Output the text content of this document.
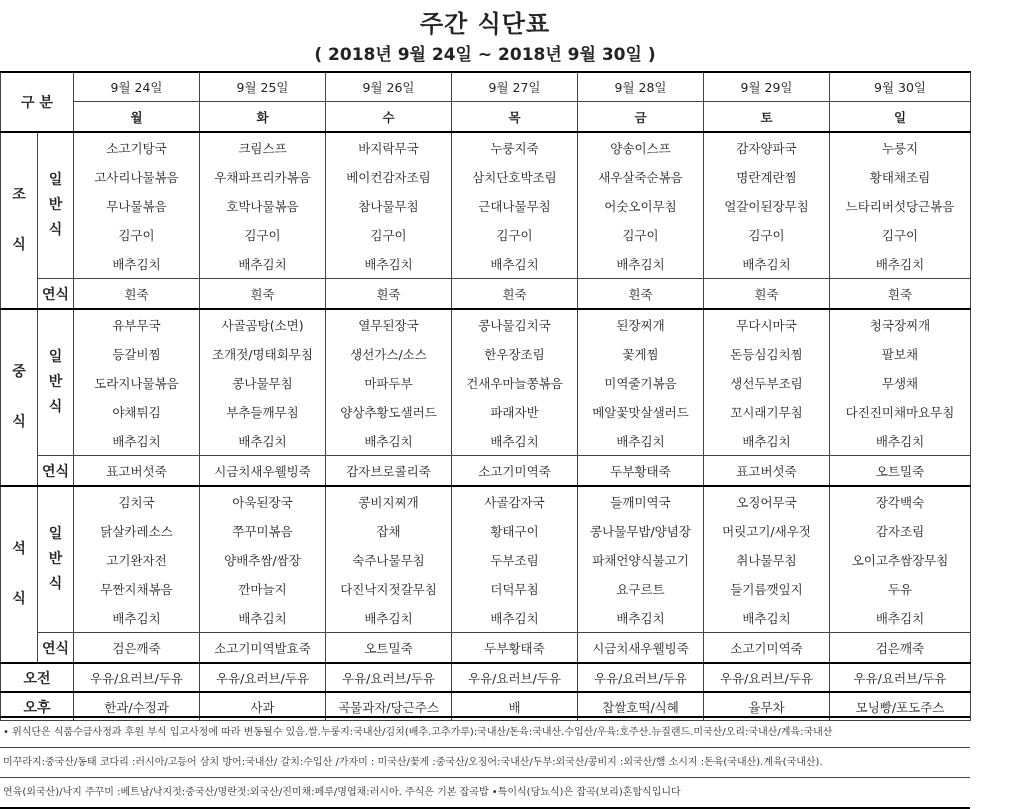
주간 식단표
( 2018년 9월 24일 ~ 2018년 9월 30일 )
구 분		9월 24일	9월 25일	9월 26일	9월 27일	9월 28일	9월 29일	9월 30일
		월	화	수	목	금	토	일
조

식	일
반
식	소고기탕국	크림스프	바지락무국	누룽지죽	양송이스프	감자양파국	누룽지
		고사리나물볶음	우채파프리카볶음	베이컨감자조림	삼치단호박조림	새우살죽순볶음	명란계란찜	황태채조림
		무나물볶음	호박나물볶음	참나물무침	근대나물무침	어숫오이무침	얼갈이된장무침	느타리버섯당근볶음
		김구이	김구이	김구이	김구이	김구이	김구이	김구이
		배추김치	배추김치	배추김치	배추김치	배추김치	배추김치	배추김치
	연식	흰죽	흰죽	흰죽	흰죽	흰죽	흰죽	흰죽
중

식	일
반
식	유부무국	사골곰탕(소면)	열무된장국	콩나물김치국	된장찌개	무다시마국	청국장찌개
		등갈비찜	조개젓/명태회무침	생선가스/소스	한우장조림	꽃게찜	돈등심김치찜	팔보채
		도라지나물볶음	콩나물무침	마파두부	건새우마늘쫑볶음	미역줄기볶음	생선두부조림	무생채
		야채튀김	부추들깨무침	양상추황도샐러드	파래자반	메알꽃맛살샐러드	꼬시래기무침	다진진미채마요무침
		배추김치	배추김치	배추김치	배추김치	배추김치	배추김치	배추김치
	연식	표고버섯죽	시금치새우웰빙죽	감자브로콜리죽	소고기미역죽	두부황태죽	표고버섯죽	오트밀죽
석

식	일
반
식	김치국	아욱된장국	콩비지찌개	사골감자국	들깨미역국	오징어무국	장각백숙
		닭살카레소스	쭈꾸미볶음	잡채	황태구이	콩나물무밥/양념장	머릿고기/새우젓	감자조림
		고기완자전	양배추쌈/쌈장	숙주나물무침	두부조림	파채언양식불고기	취나물무침	오이고추쌈장무침
		무짠지채볶음	깐마늘지	다진낙지젓갈무침	더덕무침	요구르트	들기름깻잎지	두유
		배추김치	배추김치	배추김치	배추김치	배추김치	배추김치	배추김치
	연식	검은깨죽	소고기미역발효죽	오트밀죽	두부황태죽	시금치새우웰빙죽	소고기미역죽	검은깨죽
오전		우유/요러브/두유	우유/요러브/두유	우유/요러브/두유	우유/요러브/두유	우유/요러브/두유	우유/요러브/두유	우유/요러브/두유
오후		한과/수정과	사과	곡물과자/당근주스	배	찹쌀호떡/식혜	율무차	모닝빵/포도주스
• 위식단은 식품수급사정과 후원 부식 입고사정에 따라 변동될수 있음.쌀.누룽지:국내산/김치(배추.고추가루):국내산/돈육:국내산.수입산/우육:호주산.뉴질랜드.미국산/오리:국내산/계육:국내산
미꾸라지:중국산/동태 코다리 :러시아/고등어 삼치 방어:국내산/ 갈치:수입산 /가자미 : 미국산/꽃게 :중국산/오징어:국내산/두부:외국산/콩비지 :외국산/햄 소시지 :돈육(국내산).계육(국내산).
연육(외국산)/낙지 주꾸미 :베트남/낙지젓:중국산/명란젓:외국산/진미채:페루/명엽채:러시아. 주식은 기본 잡곡밥 •특이식(당뇨식)은 잡곡(보리)혼합식입니다
